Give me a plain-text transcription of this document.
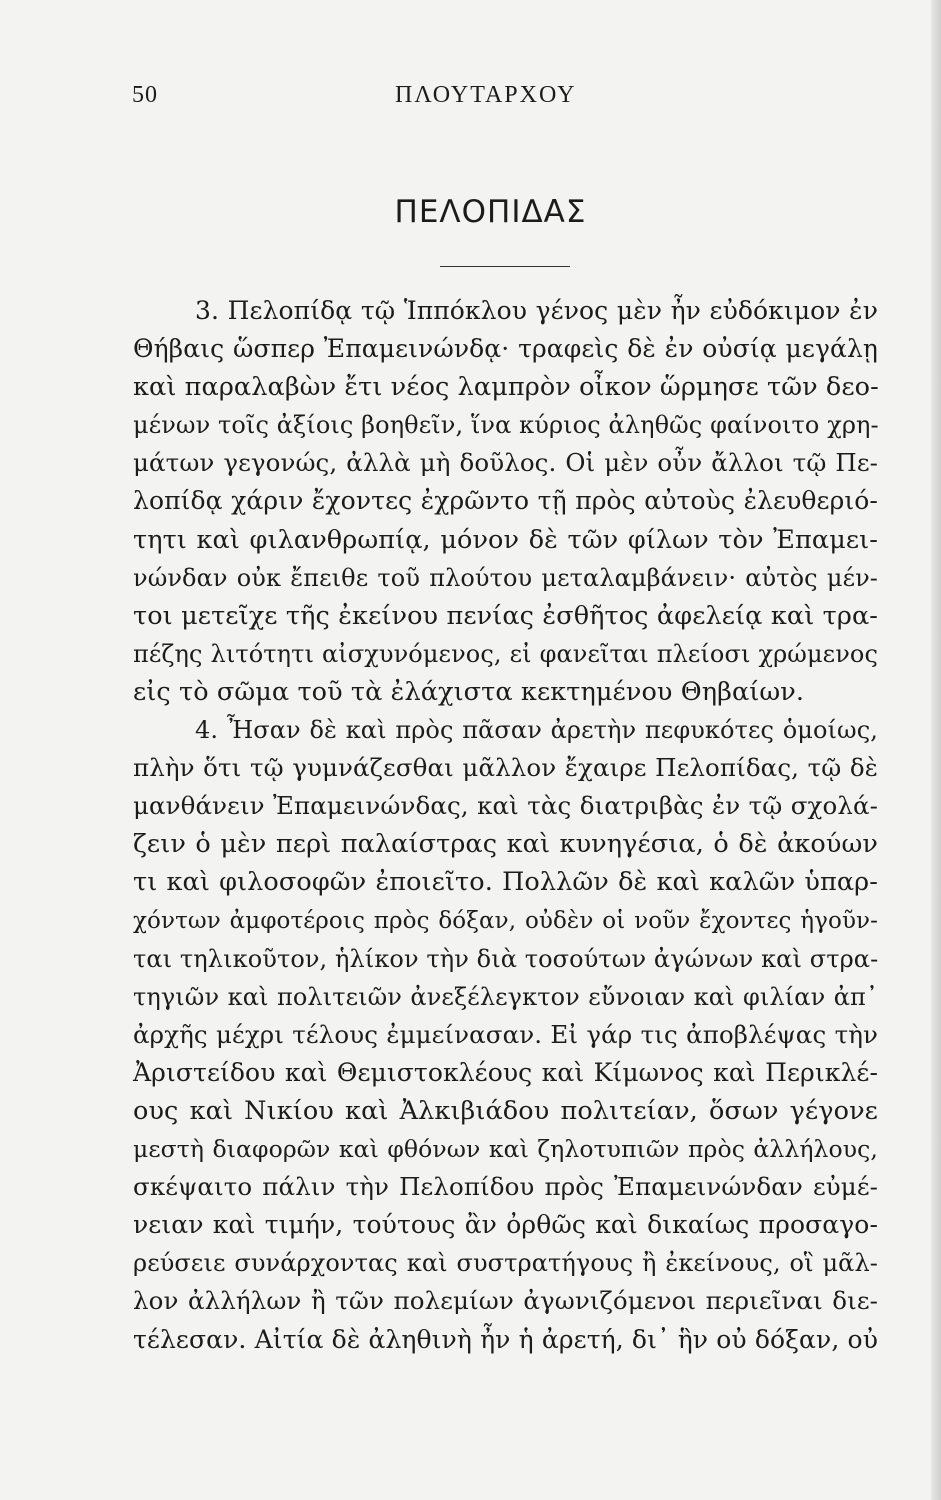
50	ΠΛΟΥΤΑΡΧΟΥ
ΠΕΛΟΠΙΔΑΣ
3. Πελοπίδᾳ τῷ Ἱππόκλου γένος μὲν ἦν εὐδόκιμον ἐν
Θήβαις ὥσπερ Ἐπαμεινώνδᾳ· τραφεὶς δὲ ἐν οὐσίᾳ μεγάλῃ
καὶ παραλαβὼν ἔτι νέος λαμπρὸν οἶκον ὥρμησε τῶν δεο-
μένων τοῖς ἀξίοις βοηθεῖν, ἵνα κύριος ἀληθῶς φαίνοιτο χρη-
μάτων γεγονώς, ἀλλὰ μὴ δοῦλος. Οἱ μὲν οὖν ἄλλοι τῷ Πε-
λοπίδᾳ χάριν ἔχοντες ἐχρῶντο τῇ πρὸς αὐτοὺς ἐλευθεριό-
τητι καὶ φιλανθρωπίᾳ, μόνον δὲ τῶν φίλων τὸν Ἐπαμει-
νώνδαν οὐκ ἔπειθε τοῦ πλούτου μεταλαμβάνειν· αὐτὸς μέν-
τοι μετεῖχε τῆς ἐκείνου πενίας ἐσθῆτος ἀφελείᾳ καὶ τρα-
πέζης λιτότητι αἰσχυνόμενος, εἰ φανεῖται πλείοσι χρώμενος
εἰς τὸ σῶμα τοῦ τὰ ἐλάχιστα κεκτημένου Θηβαίων.
4. Ἦσαν δὲ καὶ πρὸς πᾶσαν ἀρετὴν πεφυκότες ὁμοίως,
πλὴν ὅτι τῷ γυμνάζεσθαι μᾶλλον ἔχαιρε Πελοπίδας, τῷ δὲ
μανθάνειν Ἐπαμεινώνδας, καὶ τὰς διατριβὰς ἐν τῷ σχολά-
ζειν ὁ μὲν περὶ παλαίστρας καὶ κυνηγέσια, ὁ δὲ ἀκούων
τι καὶ φιλοσοφῶν ἐποιεῖτο. Πολλῶν δὲ καὶ καλῶν ὑπαρ-
χόντων ἀμφοτέροις πρὸς δόξαν, οὐδὲν οἱ νοῦν ἔχοντες ἡγοῦν-
ται τηλικοῦτον, ἡλίκον τὴν διὰ τοσούτων ἀγώνων καὶ στρα-
τηγιῶν καὶ πολιτειῶν ἀνεξέλεγκτον εὔνοιαν καὶ φιλίαν ἀπ᾽
ἀρχῆς μέχρι τέλους ἐμμείνασαν. Εἰ γάρ τις ἀποβλέψας τὴν
Ἀριστείδου καὶ Θεμιστοκλέους καὶ Κίμωνος καὶ Περικλέ-
ους καὶ Νικίου καὶ Ἀλκιβιάδου πολιτείαν, ὅσων γέγονε
μεστὴ διαφορῶν καὶ φθόνων καὶ ζηλοτυπιῶν πρὸς ἀλλήλους,
σκέψαιτο πάλιν τὴν Πελοπίδου πρὸς Ἐπαμεινώνδαν εὐμέ-
νειαν καὶ τιμήν, τούτους ἂν ὀρθῶς καὶ δικαίως προσαγο-
ρεύσειε συνάρχοντας καὶ συστρατήγους ἢ ἐκείνους, οἳ μᾶλ-
λον ἀλλήλων ἢ τῶν πολεμίων ἀγωνιζόμενοι περιεῖναι διε-
τέλεσαν. Αἰτία δὲ ἀληθινὴ ἦν ἡ ἀρετή, δι᾽ ἣν οὐ δόξαν, οὐ
